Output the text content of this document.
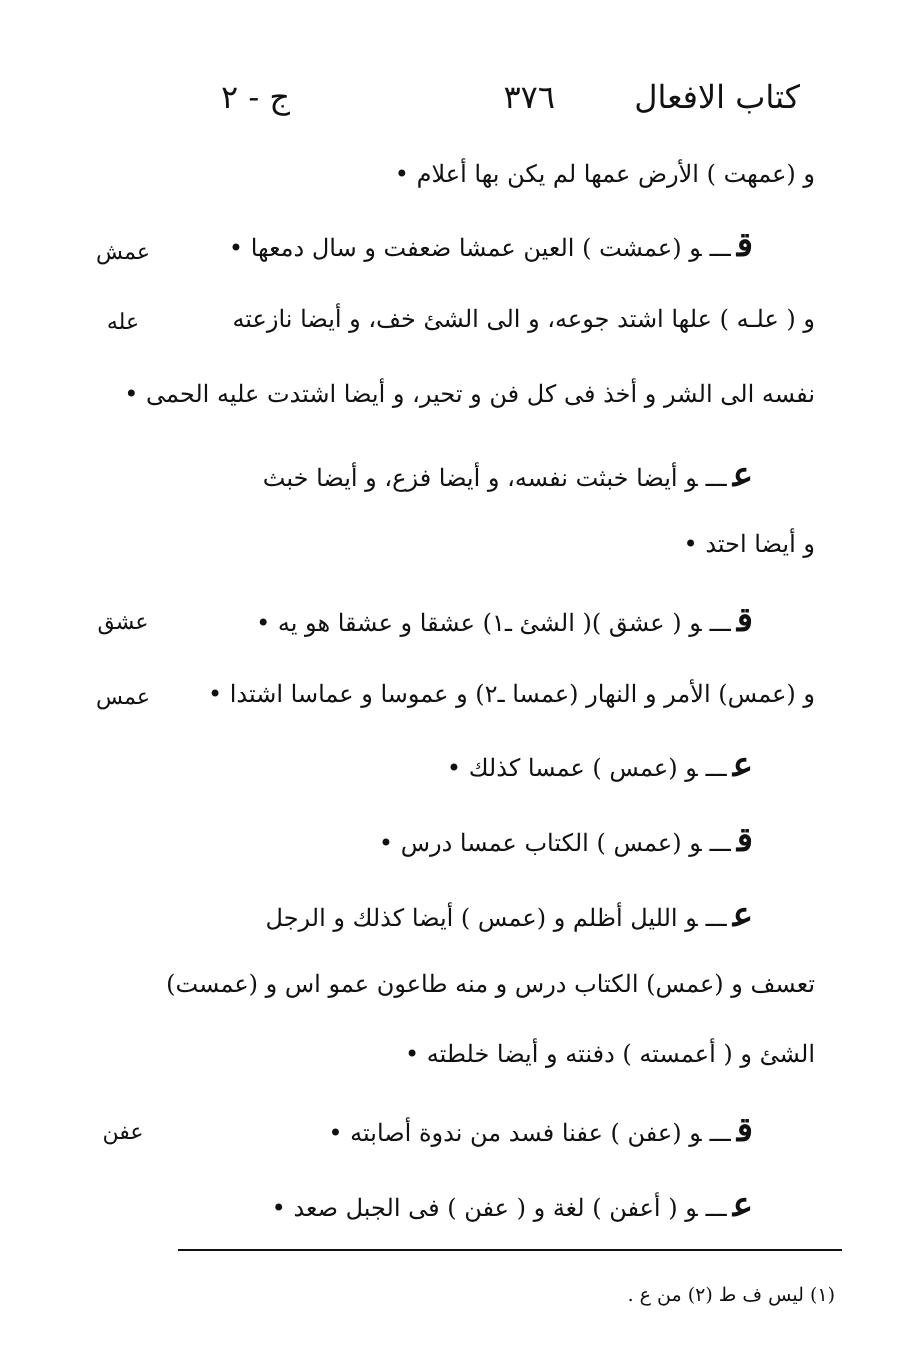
كتاب الافعال
٣٧٦
ج - ٢
و (عمهت ) الأرض عمها لم يكن بها أعلام •
قـــو (عمشت ) العين عمشا ضعفت و سال دمعها •
و ( علـه ) علها اشتد جوعه، و الى الشئ خف، و أيضا نازعته
نفسه الى الشر و أخذ فى كل فن و تحير، و أيضا اشتدت عليه الحمى •
عـــو أيضا خبثت نفسه، و أيضا فزع، و أيضا خبث
و أيضا احتد •
قـــو ( عشق )( الشئ ـ١) عشقا و عشقا هو يه •
و (عمس) الأمر و النهار (عمسا ـ٢) و عموسا و عماسا اشتدا •
عـــو (عمس ) عمسا كذلك •
قـــو (عمس ) الكتاب عمسا درس •
عـــو الليل أظلم و (عمس ) أيضا كذلك و الرجل
تعسف و (عمس) الكتاب درس و منه طاعون عمو اس و (عمست)
الشئ و ( أعمسته ) دفنته و أيضا خلطته •
قـــو (عفن ) عفنا فسد من ندوة أصابته •
عـــو ( أعفن ) لغة و ( عفن ) فى الجبل صعد •
عمش
عله
عشق
عمس
عفن
(١) ليس ف ط (٢) من ع .
